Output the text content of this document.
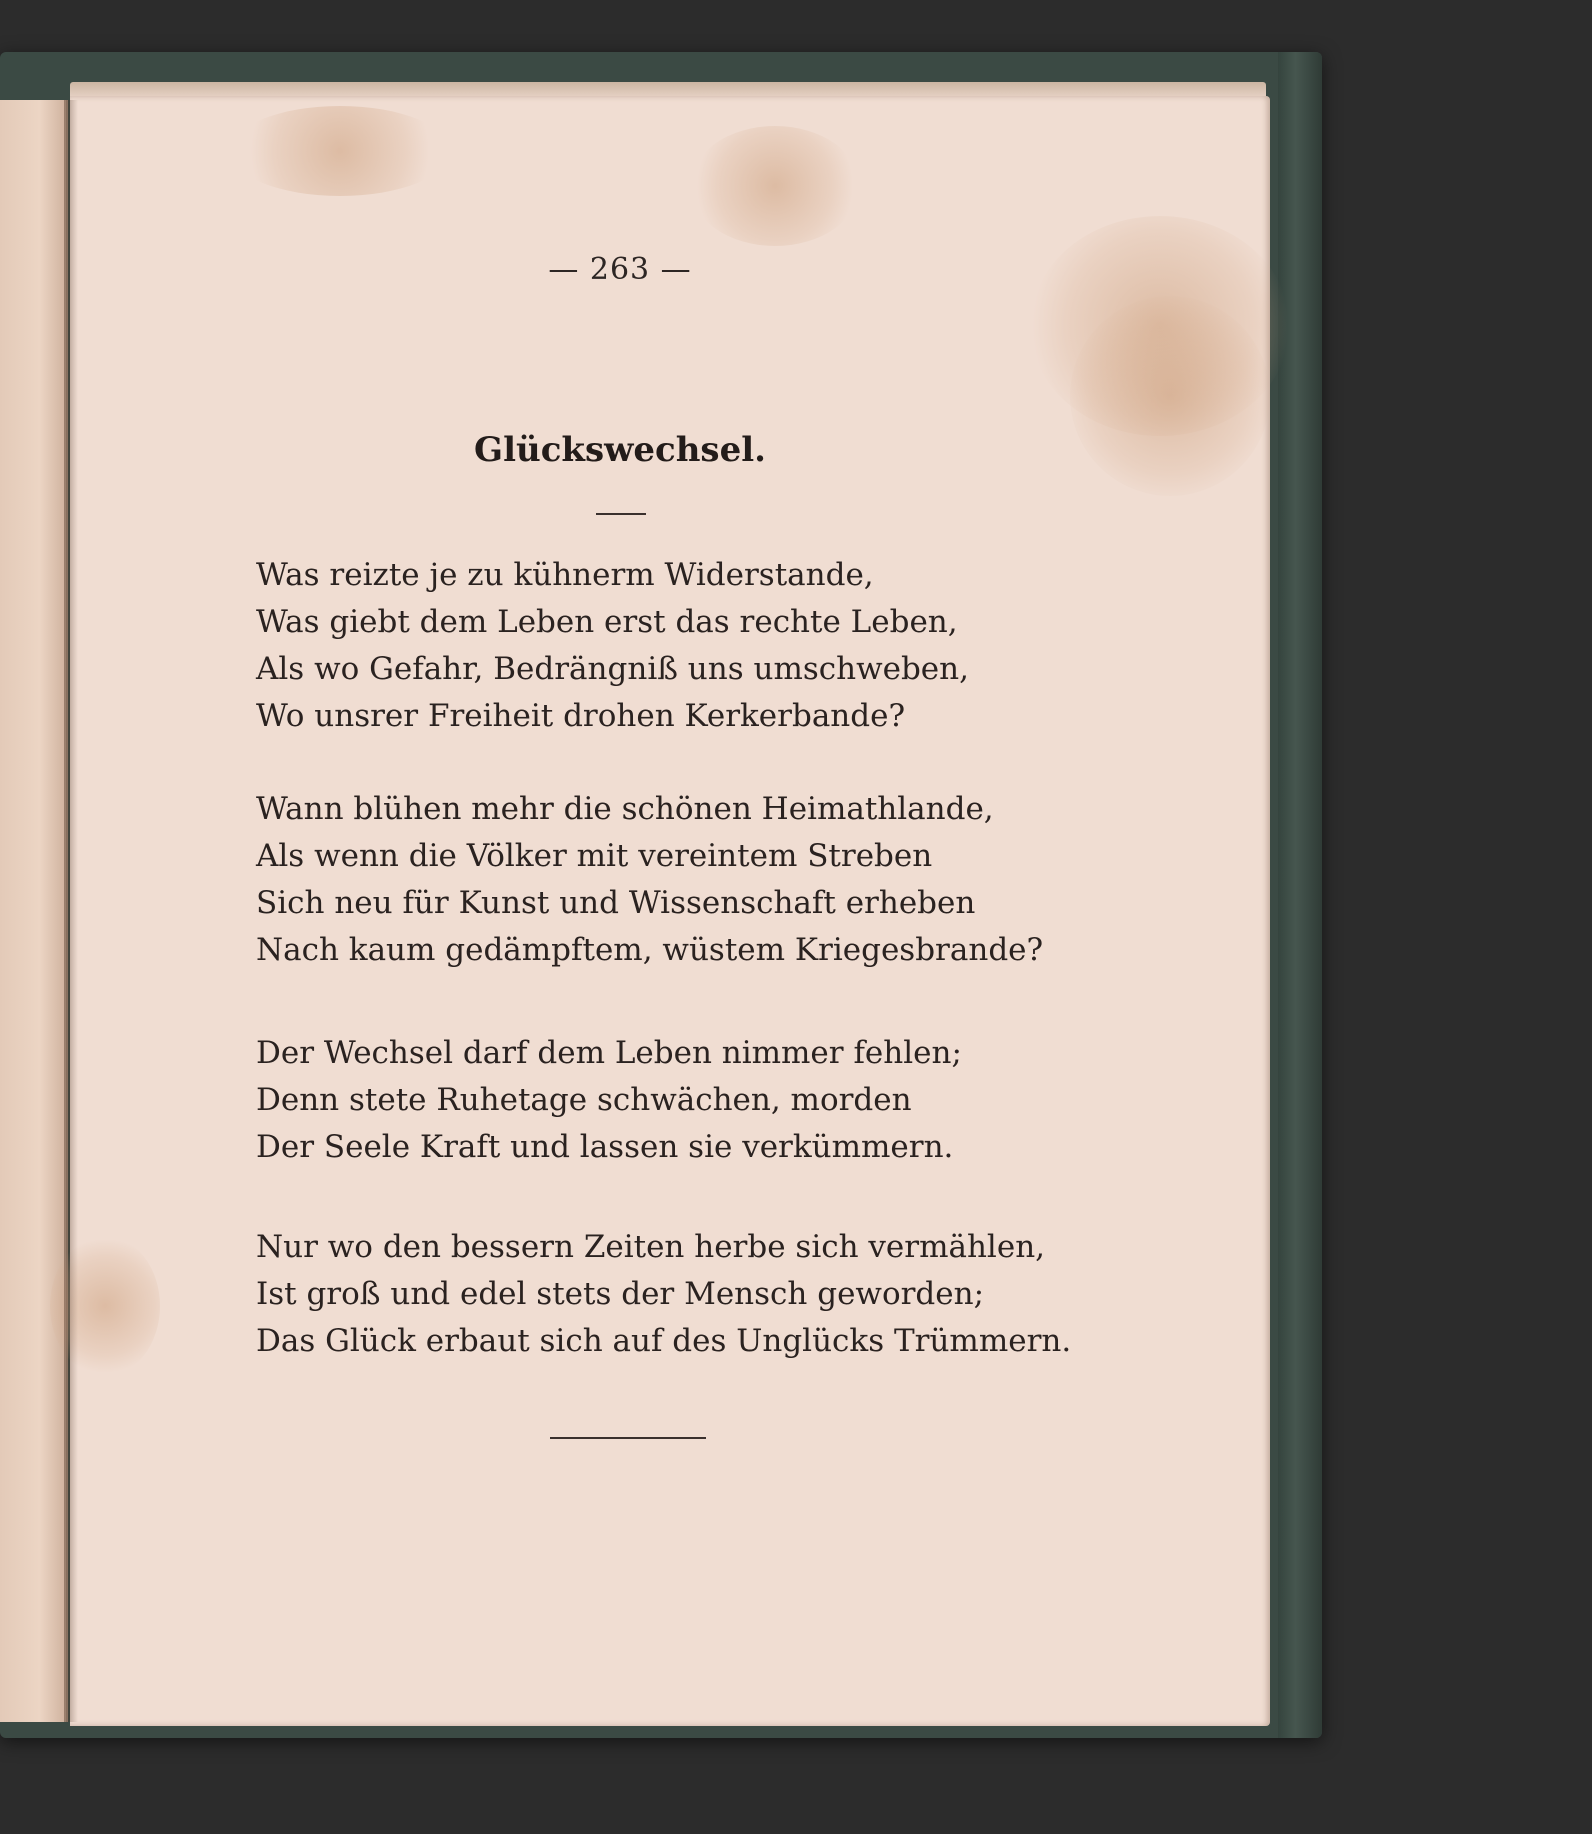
— 263 —
Glückswechsel.
Was reizte je zu kühnerm Widerstande,
Was giebt dem Leben erst das rechte Leben,
Als wo Gefahr, Bedrängniß uns umschweben,
Wo unsrer Freiheit drohen Kerkerbande?
Wann blühen mehr die schönen Heimathlande,
Als wenn die Völker mit vereintem Streben
Sich neu für Kunst und Wissenschaft erheben
Nach kaum gedämpftem, wüstem Kriegesbrande?
Der Wechsel darf dem Leben nimmer fehlen;
Denn stete Ruhetage schwächen, morden
Der Seele Kraft und lassen sie verkümmern.
Nur wo den bessern Zeiten herbe sich vermählen,
Ist groß und edel stets der Mensch geworden;
Das Glück erbaut sich auf des Unglücks Trümmern.
